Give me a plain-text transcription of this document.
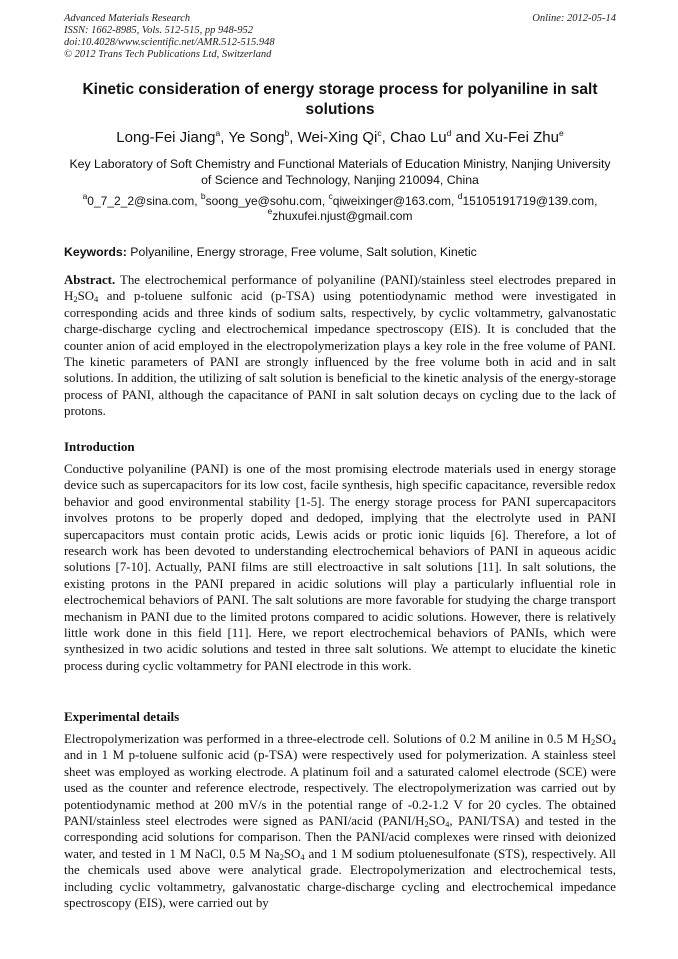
Advanced Materials Research
ISSN: 1662-8985, Vols. 512-515, pp 948-952
doi:10.4028/www.scientific.net/AMR.512-515.948
© 2012 Trans Tech Publications Ltd, Switzerland
Online: 2012-05-14
Kinetic consideration of energy storage process for polyaniline in salt solutions
Long-Fei Jiang$^a$, Ye Song$^b$, Wei-Xing Qi$^c$, Chao Lu$^d$ and Xu-Fei Zhu$^e$
Key Laboratory of Soft Chemistry and Functional Materials of Education Ministry, Nanjing University of Science and Technology, Nanjing 210094, China
$^a$0_7_2_2@sina.com, $^b$soong_ye@sohu.com, $^c$qiweixinger@163.com, $^d$15105191719@139.com,
$^e$zhuxufei.njust@gmail.com
Keywords: Polyaniline, Energy strorage, Free volume, Salt solution, Kinetic
Abstract. The electrochemical performance of polyaniline (PANI)/stainless steel electrodes prepared in $H_2SO_4$ and p-toluene sulfonic acid (p-TSA) using potentiodynamic method were investigated in corresponding acids and three kinds of sodium salts, respectively, by cyclic voltammetry, galvanostatic charge-discharge cycling and electrochemical impedance spectroscopy (EIS). It is concluded that the counter anion of acid employed in the electropolymerization plays a key role in the free volume of PANI. The kinetic parameters of PANI are strongly influenced by the free volume both in acid and in salt solutions. In addition, the utilizing of salt solution is beneficial to the kinetic analysis of the energy-storage process of PANI, although the capacitance of PANI in salt solution decays on cycling due to the lack of protons.
Introduction
Conductive polyaniline (PANI) is one of the most promising electrode materials used in energy storage device such as supercapacitors for its low cost, facile synthesis, high specific capacitance, reversible redox behavior and good environmental stability [1-5]. The energy storage process for PANI supercapacitors involves protons to be properly doped and dedoped, implying that the electrolyte used in PANI supercapacitors must contain protic acids, Lewis acids or protic ionic liquids [6]. Therefore, a lot of research work has been devoted to understanding electrochemical behaviors of PANI in aqueous acidic solutions [7-10]. Actually, PANI films are still electroactive in salt solutions [11]. In salt solutions, the existing protons in the PANI prepared in acidic solutions will play a particularly influential role in electrochemical behaviors of PANI. The salt solutions are more favorable for studying the charge transport mechanism in PANI due to the limited protons compared to acidic solutions. However, there is relatively little work done in this field [11]. Here, we report electrochemical behaviors of PANIs, which were synthesized in two acidic solutions and tested in three salt solutions. We attempt to elucidate the kinetic process during cyclic voltammetry for PANI electrode in this work.
Experimental details
Electropolymerization was performed in a three-electrode cell. Solutions of 0.2 M aniline in 0.5 M $H_2SO_4$ and in 1 M p-toluene sulfonic acid (p-TSA) were respectively used for polymerization. A stainless steel sheet was employed as working electrode. A platinum foil and a saturated calomel electrode (SCE) were used as the counter and reference electrode, respectively. The electropolymerization was carried out by potentiodynamic method at 200 mV/s in the potential range of -0.2-1.2 V for 20 cycles. The obtained PANI/stainless steel electrodes were signed as PANI/acid ($PANI/H_2SO_4$, PANI/TSA) and tested in the corresponding acid solutions for comparison. Then the PANI/acid complexes were rinsed with deionized water, and tested in 1 M NaCl, 0.5 M $Na_2SO_4$ and 1 M sodium ptoluenesulfonate (STS), respectively. All the chemicals used above were analytical grade. Electropolymerization and electrochemical tests, including cyclic voltammetry, galvanostatic charge-discharge cycling and electrochemical impedance spectroscopy (EIS), were carried out by
